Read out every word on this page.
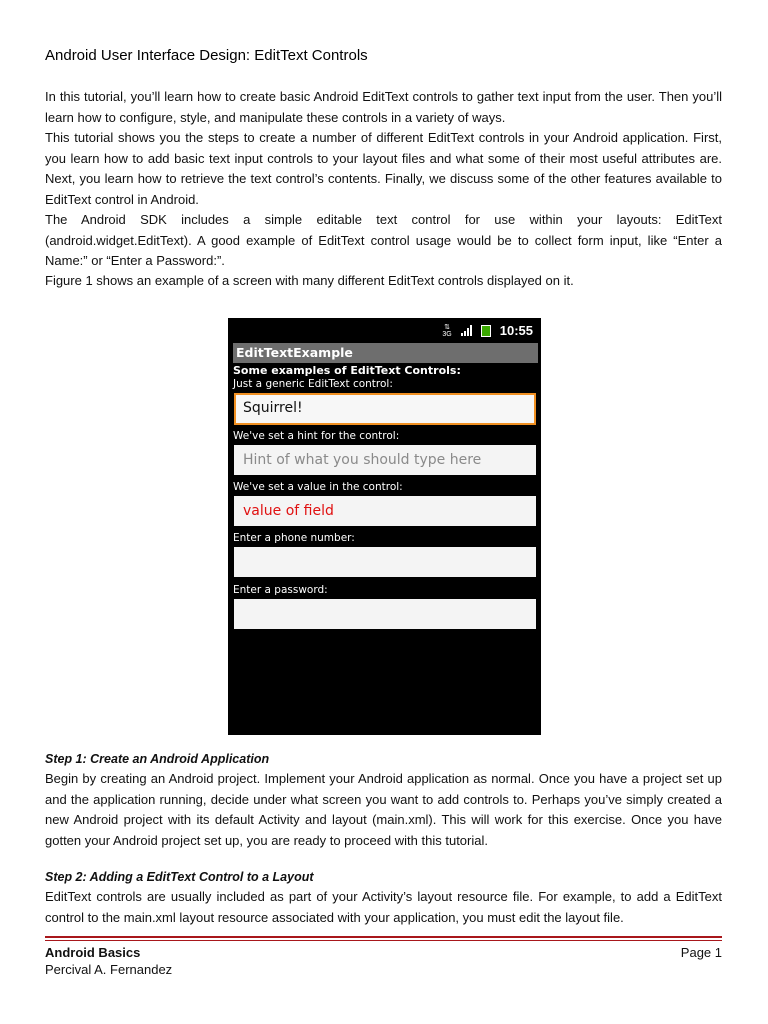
Android User Interface Design: EditText Controls

In this tutorial, you’ll learn how to create basic Android EditText controls to gather text input from the user. Then you’ll learn how to configure, style, and manipulate these controls in a variety of ways.

This tutorial shows you the steps to create a number of different EditText controls in your Android application. First, you learn how to add basic text input controls to your layout files and what some of their most useful attributes are. Next, you learn how to retrieve the text control’s contents. Finally, we discuss some of the other features available to EditText control in Android.

The Android SDK includes a simple editable text control for use within your layouts: EditText (android.widget.EditText). A good example of EditText control usage would be to collect form input, like “Enter a Name:” or “Enter a Password:”.

Figure 1 shows an example of a screen with many different EditText controls displayed on it.

⇅
3G	10:55
EditTextExample
Some examples of EditText Controls:
Just a generic EditText control:
Squirrel!
We've set a hint for the control:
Hint of what you should type here
We've set a value in the control:
value of field
Enter a phone number:
Enter a password:

Step 1: Create an Android Application

Begin by creating an Android project. Implement your Android application as normal. Once you have a project set up and the application running, decide under what screen you want to add controls to. Perhaps you’ve simply created a new Android project with its default Activity and layout (main.xml). This will work for this exercise. Once you have gotten your Android project set up, you are ready to proceed with this tutorial.

Step 2: Adding a EditText Control to a Layout

EditText controls are usually included as part of your Activity’s layout resource file. For example, to add a EditText control to the main.xml layout resource associated with your application, you must edit the layout file.

Android Basics
Percival A. Fernandez
Page 1
